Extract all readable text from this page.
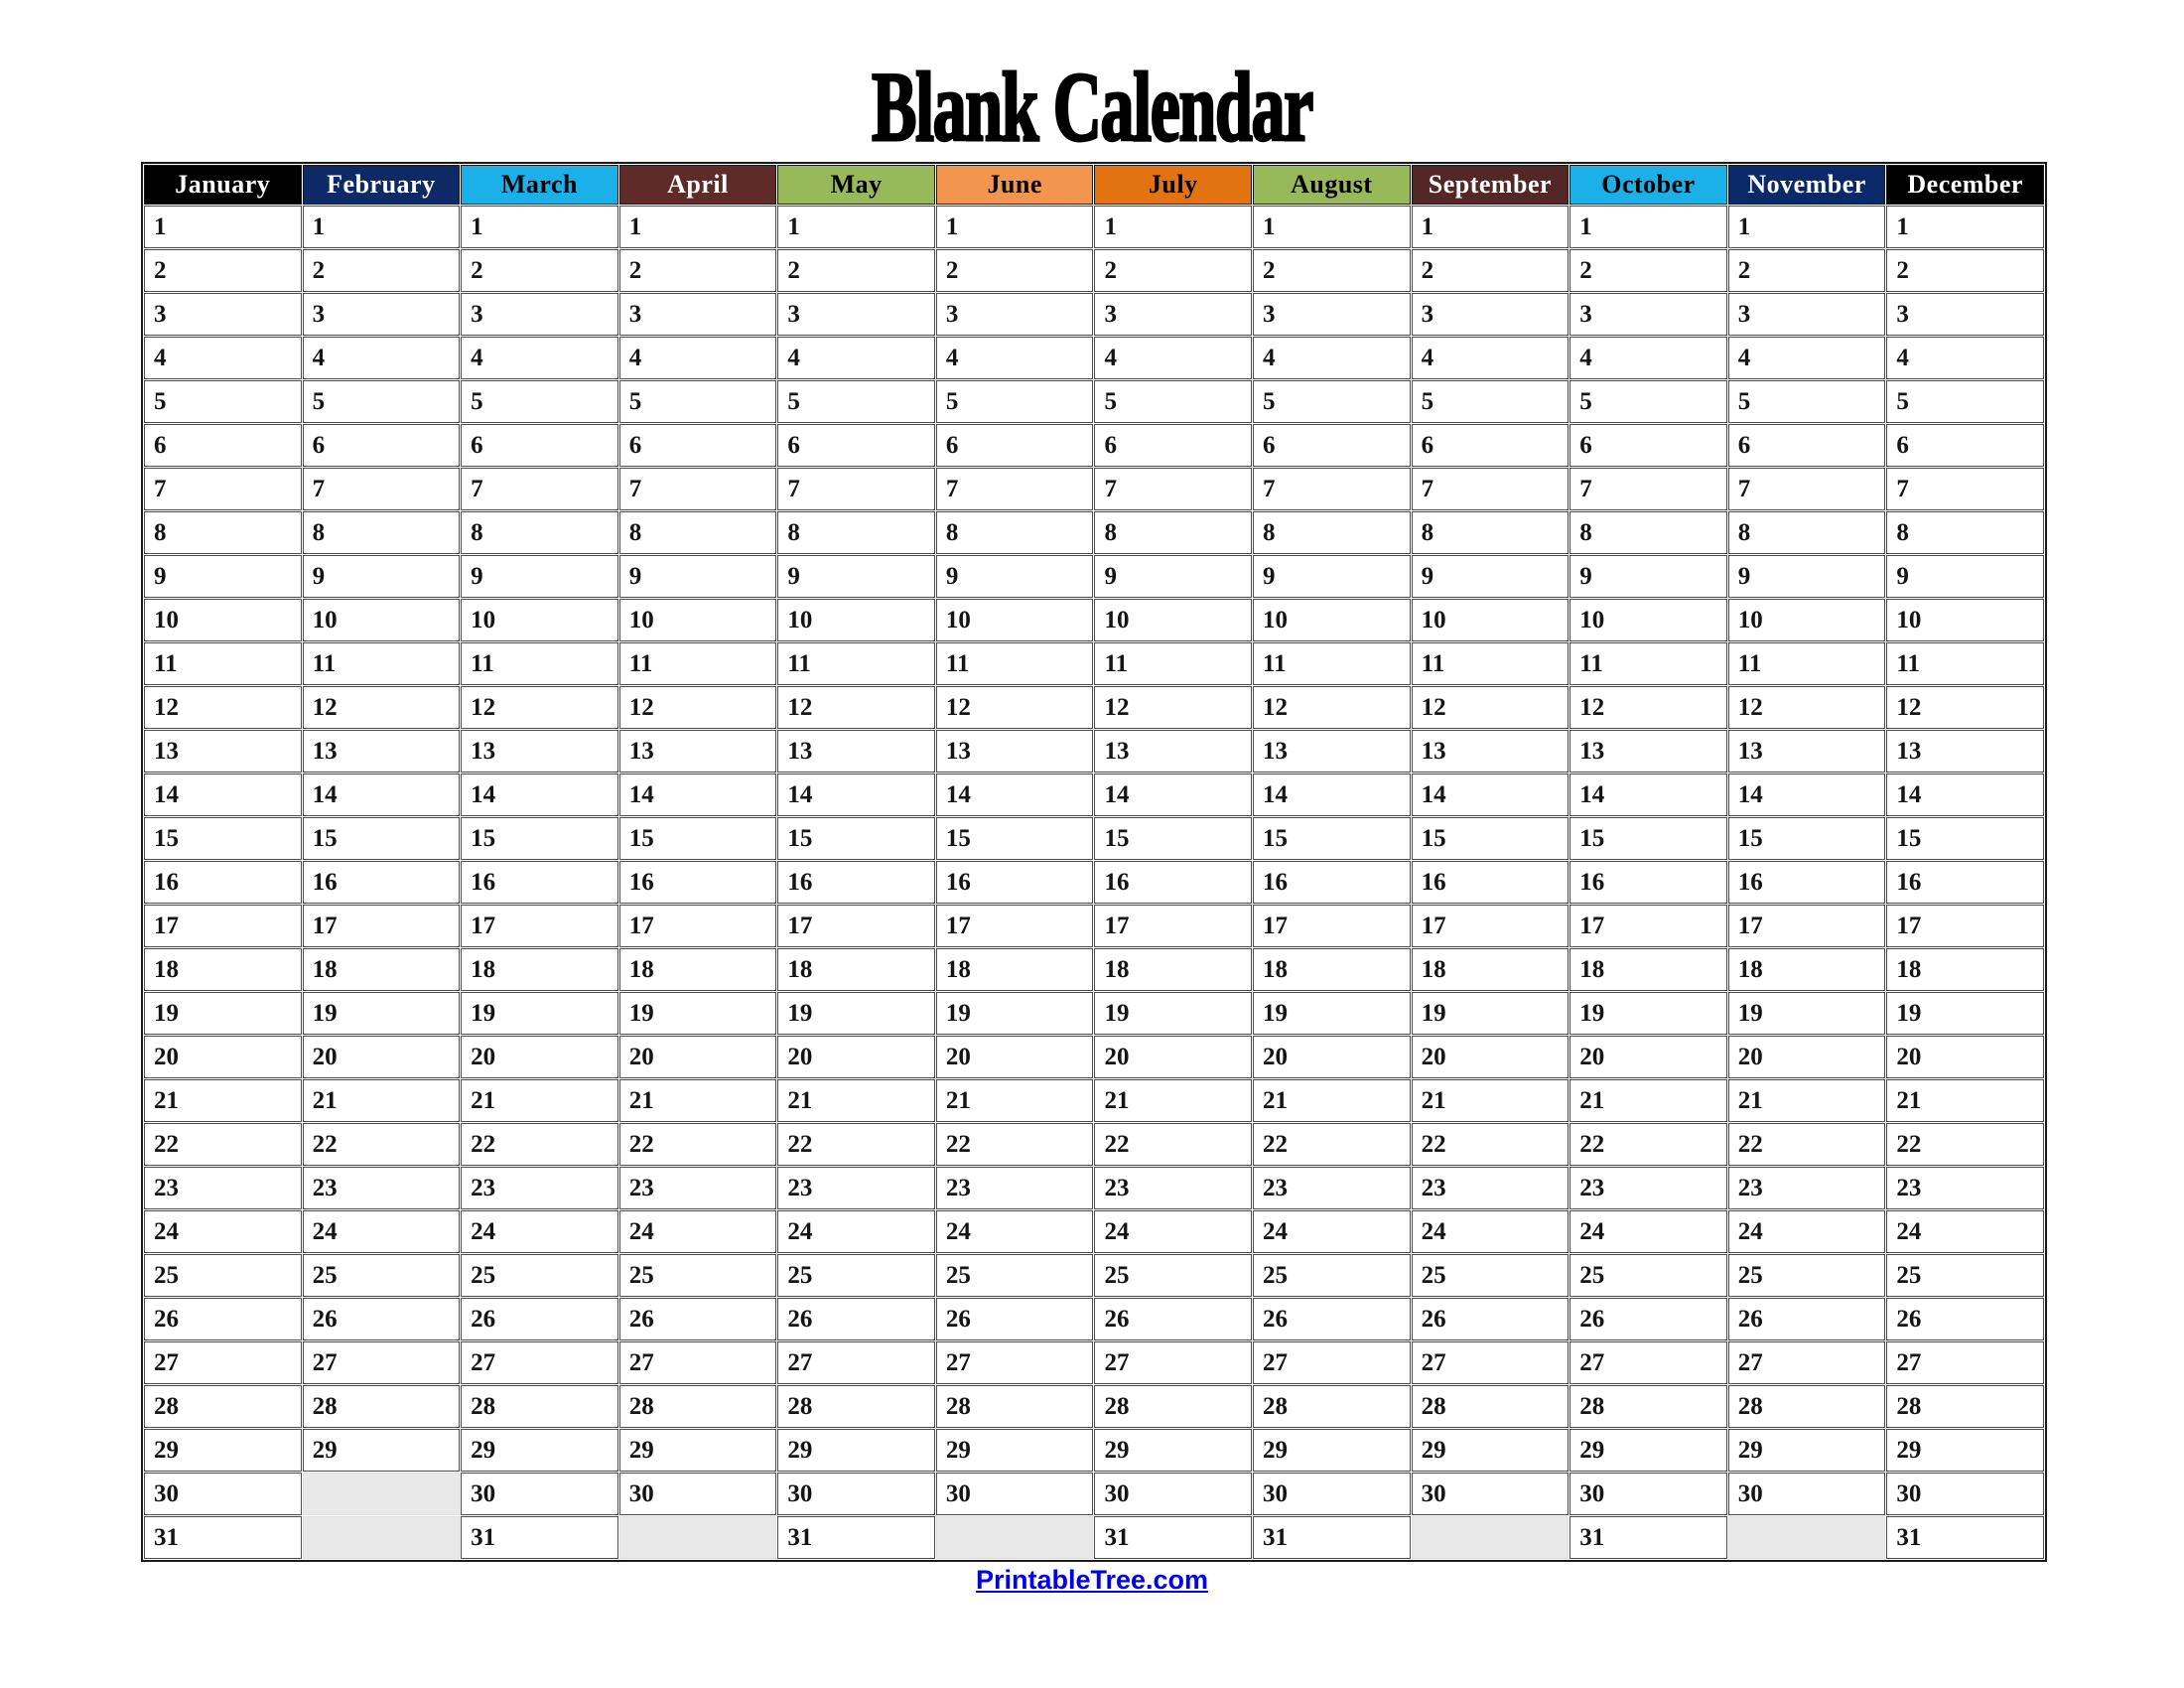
Blank Calendar
January	February	March	April	May	June	July	August	September	October	November	December
1	1	1	1	1	1	1	1	1	1	1	1
2	2	2	2	2	2	2	2	2	2	2	2
3	3	3	3	3	3	3	3	3	3	3	3
4	4	4	4	4	4	4	4	4	4	4	4
5	5	5	5	5	5	5	5	5	5	5	5
6	6	6	6	6	6	6	6	6	6	6	6
7	7	7	7	7	7	7	7	7	7	7	7
8	8	8	8	8	8	8	8	8	8	8	8
9	9	9	9	9	9	9	9	9	9	9	9
10	10	10	10	10	10	10	10	10	10	10	10
11	11	11	11	11	11	11	11	11	11	11	11
12	12	12	12	12	12	12	12	12	12	12	12
13	13	13	13	13	13	13	13	13	13	13	13
14	14	14	14	14	14	14	14	14	14	14	14
15	15	15	15	15	15	15	15	15	15	15	15
16	16	16	16	16	16	16	16	16	16	16	16
17	17	17	17	17	17	17	17	17	17	17	17
18	18	18	18	18	18	18	18	18	18	18	18
19	19	19	19	19	19	19	19	19	19	19	19
20	20	20	20	20	20	20	20	20	20	20	20
21	21	21	21	21	21	21	21	21	21	21	21
22	22	22	22	22	22	22	22	22	22	22	22
23	23	23	23	23	23	23	23	23	23	23	23
24	24	24	24	24	24	24	24	24	24	24	24
25	25	25	25	25	25	25	25	25	25	25	25
26	26	26	26	26	26	26	26	26	26	26	26
27	27	27	27	27	27	27	27	27	27	27	27
28	28	28	28	28	28	28	28	28	28	28	28
29	29	29	29	29	29	29	29	29	29	29	29
30		30	30	30	30	30	30	30	30	30	30
31		31		31		31	31		31		31
PrintableTree.com
